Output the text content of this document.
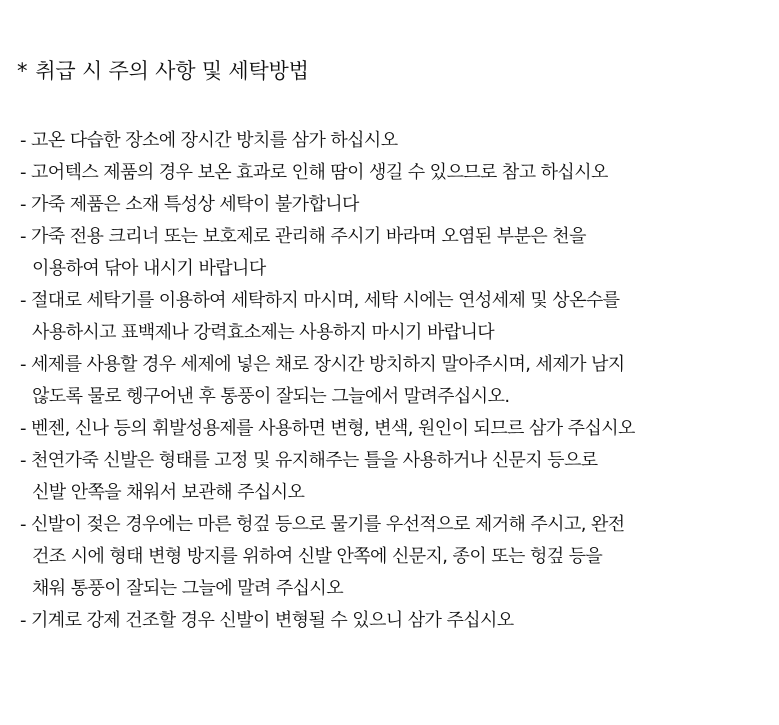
* 취급 시 주의 사항 및 세탁방법
- 고온 다습한 장소에 장시간 방치를 삼가 하십시오
- 고어텍스 제품의 경우 보온 효과로 인해 땀이 생길 수 있으므로 참고 하십시오
- 가죽 제품은 소재 특성상 세탁이 불가합니다
- 가죽 전용 크리너 또는 보호제로 관리해 주시기 바라며 오염된 부분은 천을
이용하여 닦아 내시기 바랍니다
- 절대로 세탁기를 이용하여 세탁하지 마시며, 세탁 시에는 연성세제 및 상온수를
사용하시고 표백제나 강력효소제는 사용하지 마시기 바랍니다
- 세제를 사용할 경우 세제에 넣은 채로 장시간 방치하지 말아주시며, 세제가 남지
않도록 물로 헹구어낸 후 통풍이 잘되는 그늘에서 말려주십시오.
- 벤젠, 신나 등의 휘발성용제를 사용하면 변형, 변색, 원인이 되므르 삼가 주십시오
- 천연가죽 신발은 형태를 고정 및 유지해주는 틀을 사용하거나 신문지 등으로
신발 안쪽을 채워서 보관해 주십시오
- 신발이 젖은 경우에는 마른 헝겊 등으로 물기를 우선적으로 제거해 주시고, 완전
건조 시에 형태 변형 방지를 위하여 신발 안쪽에 신문지, 종이 또는 헝겊 등을
채워 통풍이 잘되는 그늘에 말려 주십시오
- 기계로 강제 건조할 경우 신발이 변형될 수 있으니 삼가 주십시오
